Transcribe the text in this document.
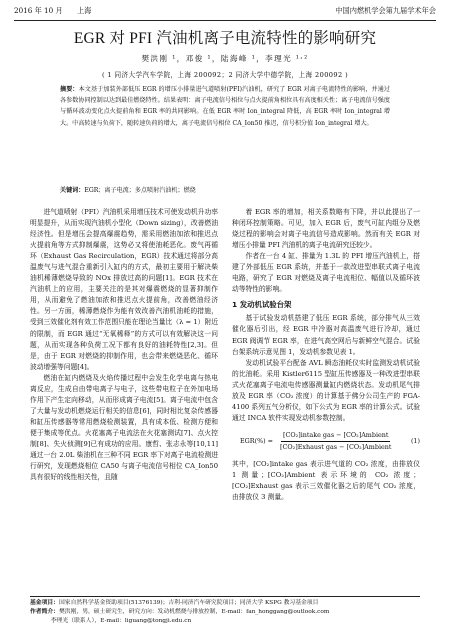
2016 年 10 月 上海	中国内燃机学会第九届学术年会
EGR 对 PFI 汽油机离子电流特性的影响研究
樊洪刚 ¹，邓俊 ¹，陆海峰 ¹，李理光 ¹˒²
( 1 同济大学汽车学院，上海 200092；2 同济大学中德学院，上海 200092 )
摘要：本文基于加装外部低压 EGR 的增压小排量进气道喷射(PFI)汽油机，研究了 EGR 对离子电流特性的影响，并通过各参数协同控制以达到最佳燃烧特性。结果表明：离子电流信号相位与点火提前角相位具有高度相关性；离子电流信号强度与循环波动变化点火提前角和 EGR 率的共同影响。在低 EGR 率时 Ion_integral 降低，高 EGR 率时 Ion_integral 增大。中高转速与负荷下，随转速负荷的增大，离子电流信号相位 CA_Ion50 推迟，信号积分值 Ion_integral 增大。
关键词：EGR；离子电流；多点喷射汽油机；燃烧

进气道喷射（PFI）汽油机采用增压技术可使发动机升功率明显提升，从而实现汽油机小型化（Down sizing），改善燃油经济性。但是增压会提高爆震趋势，需采用燃油加浓和推迟点火提前角等方式抑制爆震，这势必又将使油耗恶化。废气再循环（Exhaust Gas Recirculation，EGR）技术通过将部分高温废气与进气混合重新引入缸内的方式，最初主要用于解决柴油机稀薄燃烧导致的 NOx 排放过高的问题[1]。EGR 技术在汽油机上的应用，主要关注的是其对爆震燃烧的显著抑制作用，从而避免了燃油加浓和推迟点火提前角，改善燃油经济性。另一方面，稀薄燃烧作为能有效改善汽油机油耗的措施，受到三效催化剂有效工作范围只能在理论当量比（λ = 1）附近的限制，而 EGR 通过“无氧稀释”的方式可以有效解决这一问题，从而实现各种负荷工况下都有良好的油耗特性[2,3]。但是，由于 EGR 对燃烧的抑制作用，也会带来燃烧恶化、循环波动增强等问题[4]。

燃油在缸内燃烧及火焰传播过程中会发生化学电离与热电离反应，生成自由带电离子与电子，这些带电粒子在外加电场作用下产生定向移动，从而形成离子电流[5]。离子电流中包含了大量与发动机燃烧运行相关的信息[6]，同时相比复杂传感器和缸压传感器等常用燃烧检测装置，具有成本低、检测方便和便于集成等优点。火花塞离子电流法在火花塞测试[7]、点火控制[8]、失火侦测[9]已有成功的应用。康哲、张志永等[10,11]通过一台 2.0L 柴油机在三种不同 EGR 率下对离子电流检测进行研究，发现燃烧相位 CA50 与离子电流信号相位 CA_Ion50 具有很好的线性相关性，且随

着 EGR 率的增加，相关系数略有下降，并以此提出了一种闭环控制策略。可见，加入 EGR 后，废气可缸内组分及燃烧过程的影响会对离子电流信号造成影响。然而有关 EGR 对增压小排量 PFI 汽油机的离子电流研究还较少。

作者在一台 4 缸、排量为 1.3L 的 PFI 增压汽油机上，搭建了外部低压 EGR 系统，并基于一款改进型串联式离子电流电路，研究了 EGR 对燃烧及离子电流相位、幅值以及循环波动等特性的影响。

1 发动机试验台架

基于试验发动机搭建了低压 EGR 系统，部分排气从三效催化器后引出，经 EGR 中冷器对高温废气进行冷却，通过 EGR 阀调节 EGR 率，在进气高空网后与新鲜空气混合。试验台架系统示意见图 1，发动机参数见表 1。

发动机试验平台配备 AVL 瞬态油耗仪实时监测发动机试验的比油耗。采用 Kistler6115 型缸压传感器及一种改进型串联式火花塞离子电流电传感器测量缸内燃烧状态。发动机尾气排放及 EGR 率（CO₂ 浓度）的计算基于佛分公司生产的 FGA-4100 系列五气分析仪，如下公式为 EGR 率的计算公式。试验通过 INCA 软件实现发动机参数控制。

$EGR(\%) = \frac{\text{[CO₂]intake gas − [CO₂]Ambient}}{\text{[CO₂]Exhaust gas − [CO₂]Ambient}}$	(1)

其中，[CO₂]intake gas 表示进气道的 CO₂ 浓度，由排放仪 1 测量；[CO₂]Ambient 表示环境的 CO₂ 浓度；[CO₂]Exhaust gas 表示三效催化器之后的尾气 CO₂ 浓度，由排放仪 3 测量。

基金项目：国家自然科学基金资助项目(51376139)；吉利-同济汽车研究院项目；同济大学 KSPG 教习基金项目
作者简介：樊洪刚，男，硕士研究生，研究方向：发动机燃烧与排放控制，E-mail：fan_honggang@outlook.com
李理光（联系人），E-mail：liguang@tongji.edu.cn
